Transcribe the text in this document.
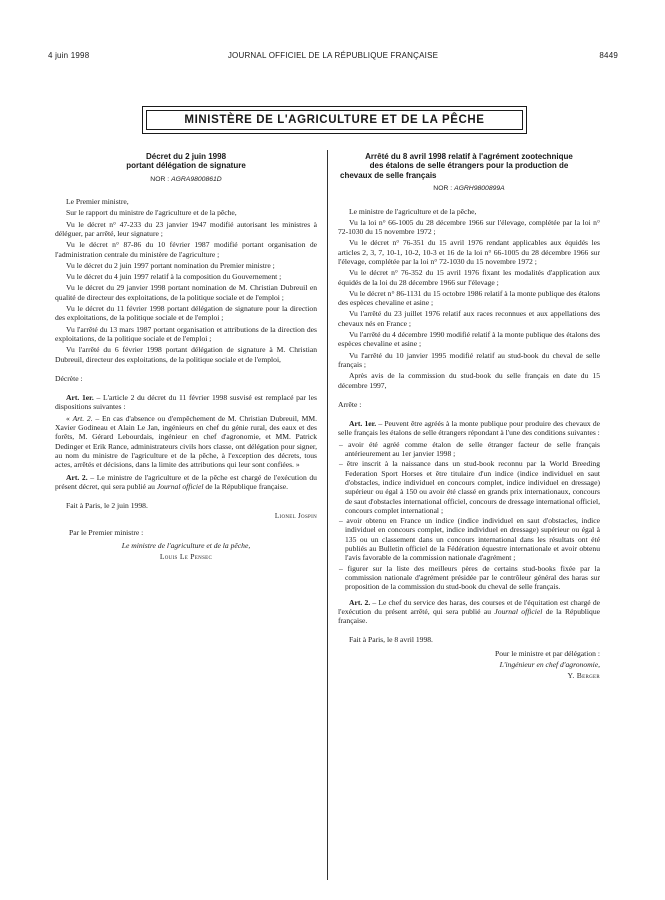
4 juin 1998	JOURNAL OFFICIEL DE LA RÉPUBLIQUE FRANÇAISE	8449
MINISTÈRE DE L'AGRICULTURE ET DE LA PÊCHE

Décret du 2 juin 1998

portant délégation de signature

NOR : AGRA9800861D

Le Premier ministre,

Sur le rapport du ministre de l'agriculture et de la pêche,

Vu le décret n° 47-233 du 23 janvier 1947 modifié autorisant les ministres à déléguer, par arrêté, leur signature ;

Vu le décret n° 87-86 du 10 février 1987 modifié portant organisation de l'administration centrale du ministère de l'agriculture ;

Vu le décret du 2 juin 1997 portant nomination du Premier ministre ;

Vu le décret du 4 juin 1997 relatif à la composition du Gouvernement ;

Vu le décret du 29 janvier 1998 portant nomination de M. Christian Dubreuil en qualité de directeur des exploitations, de la politique sociale et de l'emploi ;

Vu le décret du 11 février 1998 portant délégation de signature pour la direction des exploitations, de la politique sociale et de l'emploi ;

Vu l'arrêté du 13 mars 1987 portant organisation et attributions de la direction des exploitations, de la politique sociale et de l'emploi ;

Vu l'arrêté du 6 février 1998 portant délégation de signature à M. Christian Dubreuil, directeur des exploitations, de la politique sociale et de l'emploi,

Décrète :

Art. 1er. – L'article 2 du décret du 11 février 1998 susvisé est remplacé par les dispositions suivantes :

« Art. 2. – En cas d'absence ou d'empêchement de M. Christian Dubreuil, MM. Xavier Godineau et Alain Le Jan, ingénieurs en chef du génie rural, des eaux et des forêts, M. Gérard Lebourdais, ingénieur en chef d'agronomie, et MM. Patrick Dedinger et Erik Rance, administrateurs civils hors classe, ont délégation pour signer, au nom du ministre de l'agriculture et de la pêche, à l'exception des décrets, tous actes, arrêtés et décisions, dans la limite des attributions qui leur sont confiées. »

Art. 2. – Le ministre de l'agriculture et de la pêche est chargé de l'exécution du présent décret, qui sera publié au Journal officiel de la République française.

Fait à Paris, le 2 juin 1998.

Lionel Jospin

Par le Premier ministre :

Le ministre de l'agriculture et de la pêche,

Louis Le Pensec

Arrêté du 8 avril 1998 relatif à l'agrément zootechnique

des étalons de selle étrangers pour la production de

chevaux de selle français

NOR : AGRH9800899A

Le ministre de l'agriculture et de la pêche,

Vu la loi n° 66-1005 du 28 décembre 1966 sur l'élevage, complétée par la loi n° 72-1030 du 15 novembre 1972 ;

Vu le décret n° 76-351 du 15 avril 1976 rendant applicables aux équidés les articles 2, 3, 7, 10-1, 10-2, 10-3 et 16 de la loi n° 66-1005 du 28 décembre 1966 sur l'élevage, complétée par la loi n° 72-1030 du 15 novembre 1972 ;

Vu le décret n° 76-352 du 15 avril 1976 fixant les modalités d'application aux équidés de la loi du 28 décembre 1966 sur l'élevage ;

Vu le décret n° 86-1131 du 15 octobre 1986 relatif à la monte publique des étalons des espèces chevaline et asine ;

Vu l'arrêté du 23 juillet 1976 relatif aux races reconnues et aux appellations des chevaux nés en France ;

Vu l'arrêté du 4 décembre 1990 modifié relatif à la monte publique des étalons des espèces chevaline et asine ;

Vu l'arrêté du 10 janvier 1995 modifié relatif au stud-book du cheval de selle français ;

Après avis de la commission du stud-book du selle français en date du 15 décembre 1997,

Arrête :

Art. 1er. – Peuvent être agréés à la monte publique pour produire des chevaux de selle français les étalons de selle étrangers répondant à l'une des conditions suivantes :

– avoir été agréé comme étalon de selle étranger facteur de selle français antérieurement au 1er janvier 1998 ;

– être inscrit à la naissance dans un stud-book reconnu par la World Breeding Federation Sport Horses et être titulaire d'un indice (indice individuel en saut d'obstacles, indice individuel en concours complet, indice individuel en dressage) supérieur ou égal à 150 ou avoir été classé en grands prix internationaux, concours de saut d'obstacles international officiel, concours de dressage international officiel, concours complet international ;

– avoir obtenu en France un indice (indice individuel en saut d'obstacles, indice individuel en concours complet, indice individuel en dressage) supérieur ou égal à 135 ou un classement dans un concours international dans les résultats ont été publiés au Bulletin officiel de la Fédération équestre internationale et avoir obtenu l'avis favorable de la commission nationale d'agrément ;

– figurer sur la liste des meilleurs pères de certains stud-books fixée par la commission nationale d'agrément présidée par le contrôleur général des haras sur proposition de la commission du stud-book du cheval de selle français.

Art. 2. – Le chef du service des haras, des courses et de l'équitation est chargé de l'exécution du présent arrêté, qui sera publié au Journal officiel de la République française.

Fait à Paris, le 8 avril 1998.

Pour le ministre et par délégation :

L'ingénieur en chef d'agronomie,

Y. Berger
